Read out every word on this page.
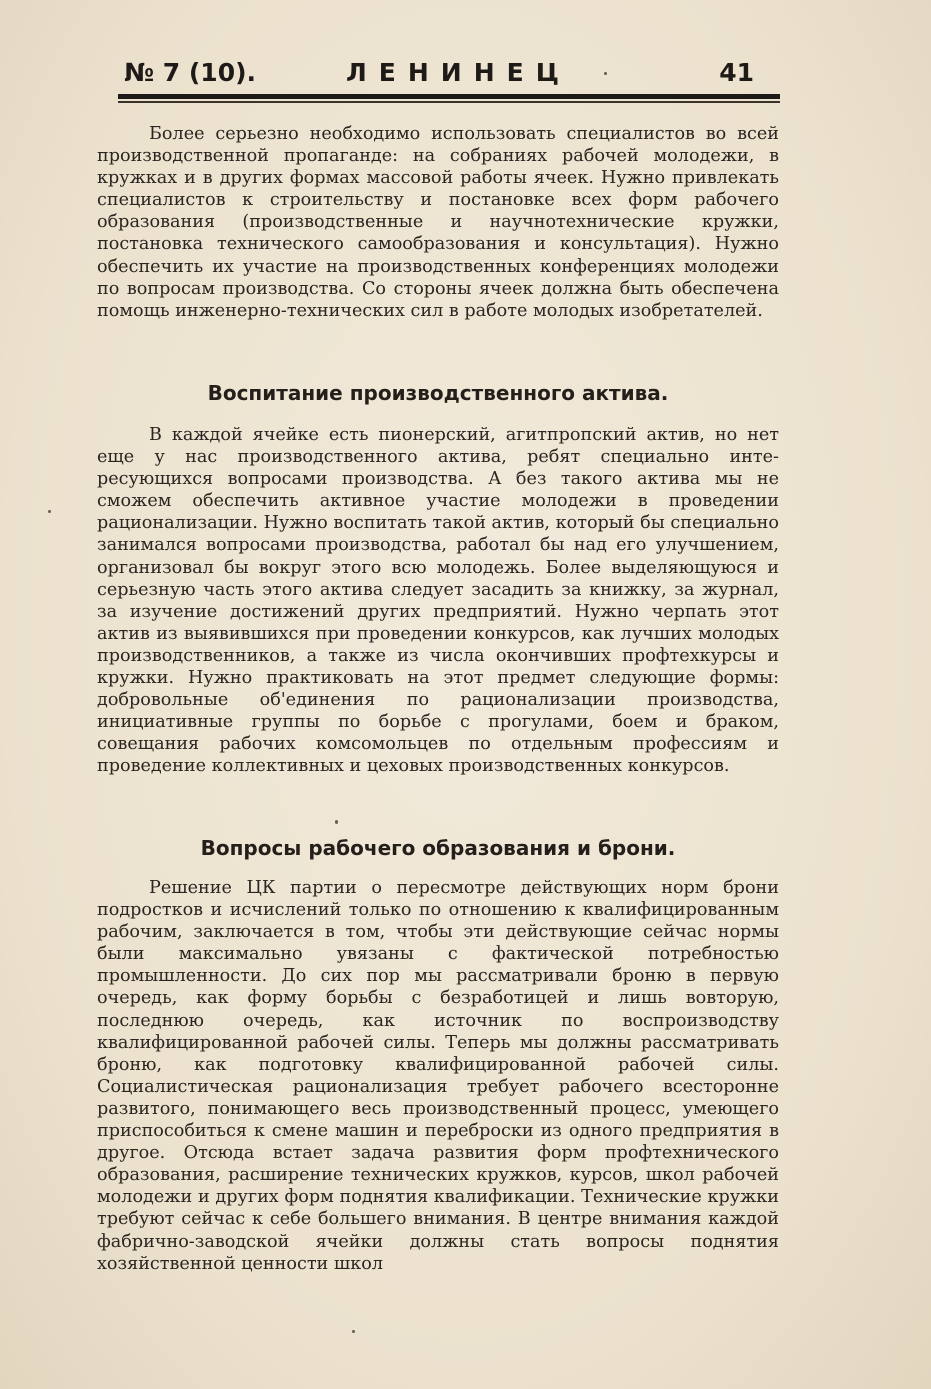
№ 7 (10).	ЛЕНИНЕЦ	41

Более серьезно необходимо использовать специалистов во всей производственной пропаганде: на собраниях рабочей молодежи, в кружках и в других формах массовой работы ячеек. Нужно привлекать специалистов к строительству и постановке всех форм рабочего образования (производственные и научнотехнические кружки, постановка технического самообразования и консультация). Нужно обеспечить их участие на производственных конференциях молодежи по вопросам производства. Со стороны ячеек должна быть обеспечена помощь инженерно-технических сил в работе молодых изобретателей.

Воспитание производственного актива.

В каждой ячейке есть пионерский, агитпропский актив, но нет еще у нас производственного актива, ребят специально интересующихся вопросами производства. А без такого актива мы не сможем обеспечить активное участие молодежи в проведении рационализации. Нужно воспитать такой актив, который бы специально занимался вопросами производства, работал бы над его улучшением, организовал бы вокруг этого всю молодежь. Более выделяющуюся и серьезную часть этого актива следует засадить за книжку, за журнал, за изучение достижений других предприятий. Нужно черпать этот актив из выявившихся при проведении конкурсов, как лучших молодых производственников, а также из числа окончивших профтехкурсы и кружки. Нужно практиковать на этот предмет следующие формы: добровольные об'единения по рационализации производства, инициативные группы по борьбе с прогулами, боем и браком, совещания рабочих комсомольцев по отдельным профессиям и проведение коллективных и цеховых производственных конкурсов.

Вопросы рабочего образования и брони.

Решение ЦК партии о пересмотре действующих норм брони подростков и исчислений только по отношению к квалифицированным рабочим, заключается в том, чтобы эти действующие сейчас нормы были максимально увязаны с фактической потребностью промышленности. До сих пор мы рассматривали броню в первую очередь, как форму борьбы с безработицей и лишь вовторую, последнюю очередь, как источник по воспроизводству квалифицированной рабочей силы. Теперь мы должны рассматривать броню, как подготовку квалифицированной рабочей силы. Социалистическая рационализация требует рабочего всесторонне развитого, понимающего весь производственный процесс, умеющего приспособиться к смене машин и переброски из одного предприятия в другое. Отсюда встает задача развития форм профтехнического образования, расширение технических кружков, курсов, школ рабочей молодежи и других форм поднятия квалификации. Технические кружки требуют сейчас к себе большего внимания. В центре внимания каждой фабрично-заводской ячейки должны стать вопросы поднятия хозяйственной ценности школ
